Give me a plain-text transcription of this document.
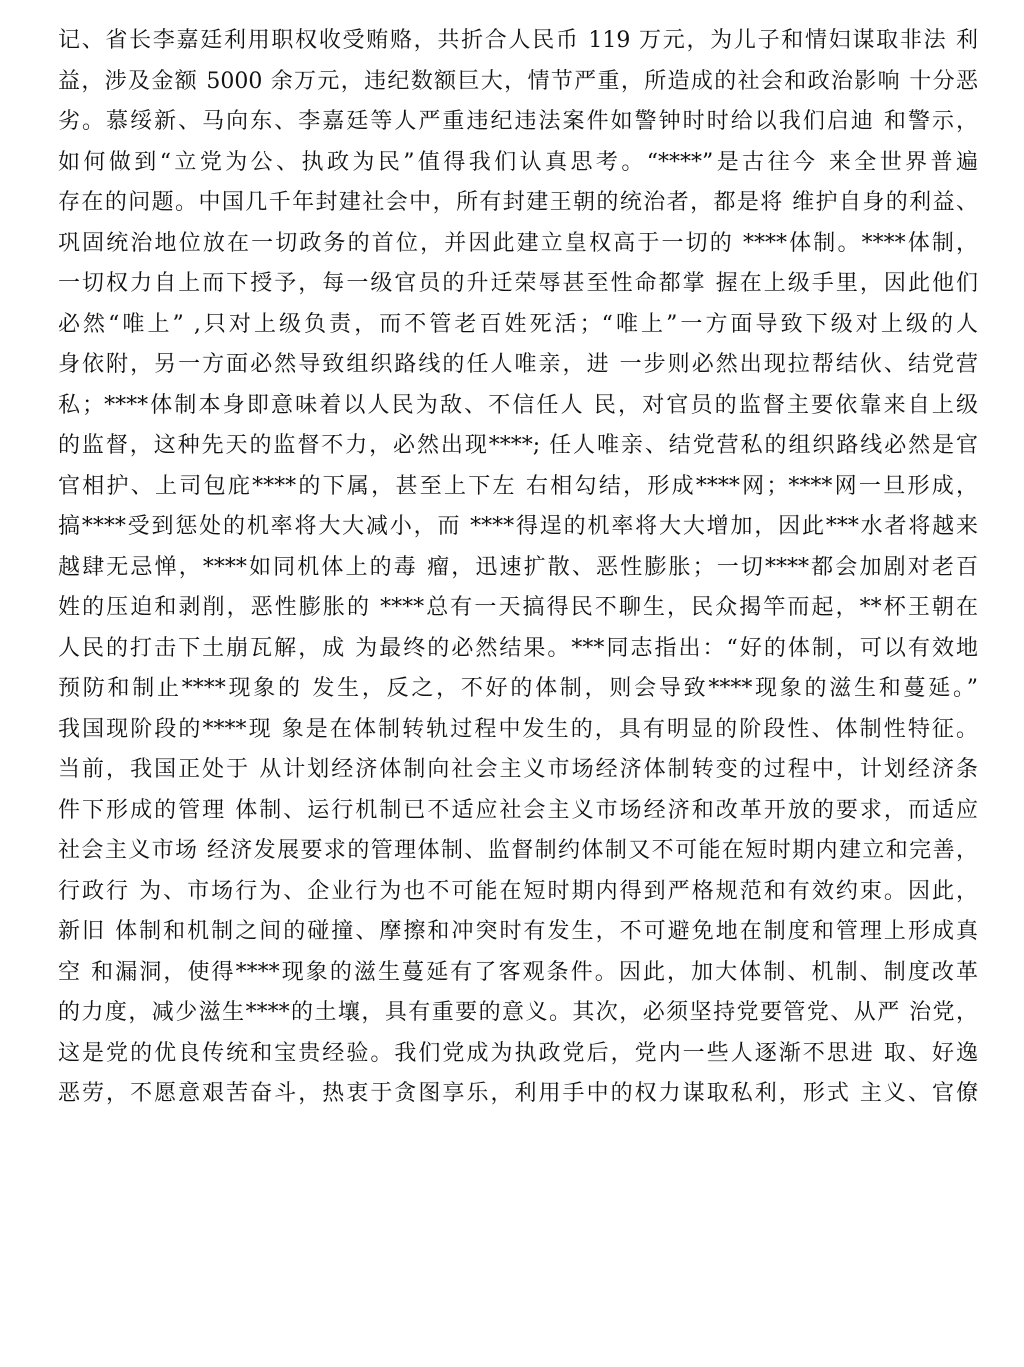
记、省长李嘉廷利用职权收受贿赂，共折合人民币 119 万元，为儿子和情妇谋取非法 利
益，涉及金额 5000 余万元，违纪数额巨大，情节严重，所造成的社会和政治影响 十分恶
劣。慕绥新、马向东、李嘉廷等人严重违纪违法案件如警钟时时给以我们启迪 和警示，
如何做到“立党为公、执政为民”值得我们认真思考。“****”是古往今 来全世界普遍
存在的问题。中国几千年封建社会中，所有封建王朝的统治者，都是将 维护自身的利益、
巩固统治地位放在一切政务的首位，并因此建立皇权高于一切的 ****体制。****体制，
一切权力自上而下授予，每一级官员的升迁荣辱甚至性命都掌 握在上级手里，因此他们
必然“唯上” ,只对上级负责，而不管老百姓死活；“唯上”一方面导致下级对上级的人
身依附，另一方面必然导致组织路线的任人唯亲，进 一步则必然出现拉帮结伙、结党营
私；****体制本身即意味着以人民为敌、不信任人 民，对官员的监督主要依靠来自上级
的监督，这种先天的监督不力，必然出现****; 任人唯亲、结党营私的组织路线必然是官
官相护、上司包庇****的下属，甚至上下左 右相勾结，形成****网；****网一旦形成，
搞****受到惩处的机率将大大减小，而 ****得逞的机率将大大增加，因此***水者将越来
越肆无忌惮，****如同机体上的毒 瘤，迅速扩散、恶性膨胀；一切****都会加剧对老百
姓的压迫和剥削，恶性膨胀的 ****总有一天搞得民不聊生，民众揭竿而起，**杯王朝在
人民的打击下土崩瓦解，成 为最终的必然结果。***同志指出：“好的体制，可以有效地
预防和制止****现象的 发生，反之，不好的体制，则会导致****现象的滋生和蔓延。”
我国现阶段的****现 象是在体制转轨过程中发生的，具有明显的阶段性、体制性特征。
当前，我国正处于 从计划经济体制向社会主义市场经济体制转变的过程中，计划经济条
件下形成的管理 体制、运行机制已不适应社会主义市场经济和改革开放的要求，而适应
社会主义市场 经济发展要求的管理体制、监督制约体制又不可能在短时期内建立和完善，
行政行 为、市场行为、企业行为也不可能在短时期内得到严格规范和有效约束。因此，
新旧 体制和机制之间的碰撞、摩擦和冲突时有发生，不可避免地在制度和管理上形成真
空 和漏洞，使得****现象的滋生蔓延有了客观条件。因此，加大体制、机制、制度改革
的力度，减少滋生****的土壤，具有重要的意义。其次，必须坚持党要管党、从严 治党，
这是党的优良传统和宝贵经验。我们党成为执政党后，党内一些人逐渐不思进 取、好逸
恶劳，不愿意艰苦奋斗，热衷于贪图享乐，利用手中的权力谋取私利，形式 主义、官僚
